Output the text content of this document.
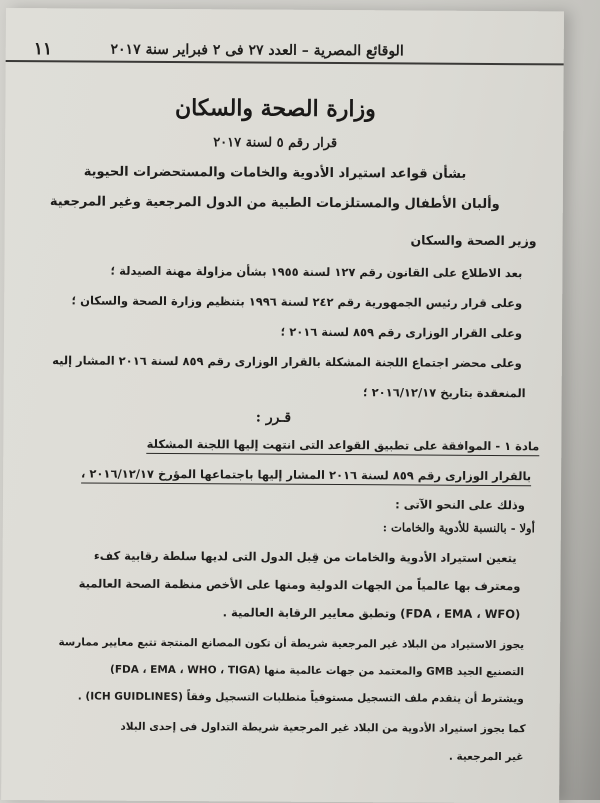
١١	الوقائع المصرية – العدد ٢٧ فى ٢ فبراير سنة ٢٠١٧
وزارة الصحة والسكان
قرار رقم ٥ لسنة ٢٠١٧
بشأن قواعد استيراد الأدوية والخامات والمستحضرات الحيوية
وألبان الأطفال والمستلزمات الطبية من الدول المرجعية وغير المرجعية
وزير الصحة والسكان
بعد الاطلاع على القانون رقم ١٢٧ لسنة ١٩٥٥ بشأن مزاولة مهنة الصيدلة ؛
وعلى قرار رئيس الجمهورية رقم ٢٤٢ لسنة ١٩٩٦ بتنظيم وزارة الصحة والسكان ؛
وعلى القرار الوزارى رقم ٨٥٩ لسنة ٢٠١٦ ؛
وعلى محضر اجتماع اللجنة المشكلة بالقرار الوزارى رقم ٨٥٩ لسنة ٢٠١٦ المشار إليه
المنعقدة بتاريخ ٢٠١٦/١٢/١٧ ؛
قـرر :
مادة ١ - الموافقة على تطبيق القواعد التى انتهت إليها اللجنة المشكلة
بالقرار الوزارى رقم ٨٥٩ لسنة ٢٠١٦ المشار إليها باجتماعها المؤرخ ٢٠١٦/١٢/١٧ ،
وذلك على النحو الآتى :
أولا - بالنسبة للأدوية والخامات :
يتعين استيراد الأدوية والخامات من قِبل الدول التى لديها سلطة رقابية كفء
ومعترف بها عالمياً من الجهات الدولية ومنها على الأخص منظمة الصحة العالمية
(FDA ، EMA ، WFO) وتطبق معايير الرقابة العالمية .
يجوز الاستيراد من البلاد غير المرجعية شريطة أن تكون المصانع المنتجة تتبع معايير ممارسة
التصنيع الجيد GMB والمعتمد من جهات عالمية منها (FDA ، EMA ، WHO ، TIGA)
ويشترط أن يتقدم ملف التسجيل مستوفياً متطلبات التسجيل وفقاً (ICH GUIDLINES) .
كما يجوز استيراد الأدوية من البلاد غير المرجعية شريطة التداول فى إحدى البلاد
غير المرجعية .
